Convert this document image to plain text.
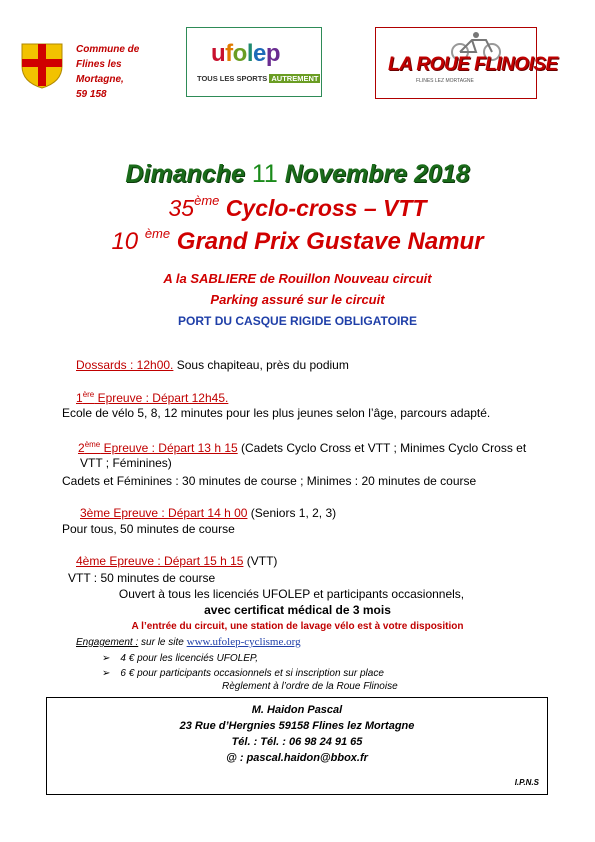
Commune de
Flines les
Mortagne,
59 158
ufolep
TOUS LES SPORTS AUTREMENT
LA ROUE FLINOISE
FLINES LEZ MORTAGNE
Dimanche 11 Novembre 2018
35ème Cyclo-cross – VTT
10 $^{ème}$ Grand Prix Gustave Namur
A la SABLIERE de Rouillon Nouveau circuit
Parking assuré sur le circuit
PORT DU CASQUE RIGIDE OBLIGATOIRE
Dossards : 12h00. Sous chapiteau, près du podium
1ère Epreuve : Départ 12h45.
Ecole de vélo 5, 8, 12 minutes pour les plus jeunes selon l’âge, parcours adapté.
2ème Epreuve : Départ 13 h 15 (Cadets Cyclo Cross et VTT ; Minimes Cyclo Cross et
VTT ; Féminines)
Cadets et Féminines : 30 minutes de course ; Minimes : 20 minutes de course
3ème Epreuve : Départ 14 h 00 (Seniors 1, 2, 3)
Pour tous, 50 minutes de course
4ème Epreuve : Départ 15 h 15 (VTT)
VTT : 50 minutes de course
Ouvert à tous les licenciés UFOLEP et participants occasionnels,
avec certificat médical de 3 mois
A l’entrée du circuit, une station de lavage vélo est à votre disposition
Engagement : sur le site www.ufolep-cyclisme.org
➢ 4 € pour les licenciés UFOLEP,
➢ 6 € pour participants occasionnels et si inscription sur place
Règlement à l’ordre de la Roue Flinoise
M. Haidon Pascal
23 Rue d’Hergnies 59158 Flines lez Mortagne
Tél. : Tél. : 06 98 24 91 65
@ : pascal.haidon@bbox.fr
I.P.N.S
